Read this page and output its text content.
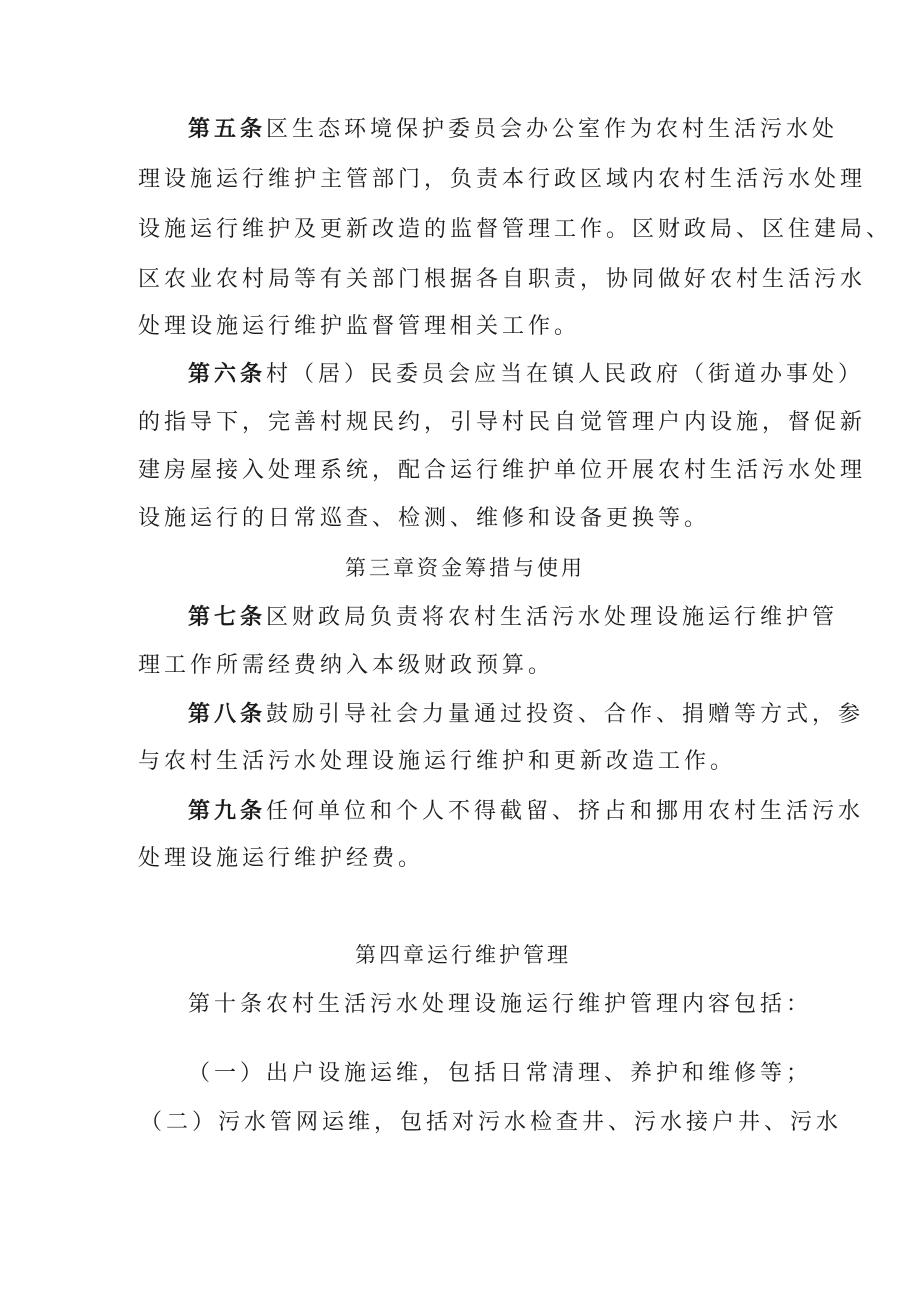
第五条区生态环境保护委员会办公室作为农村生活污水处
理设施运行维护主管部门，负责本行政区域内农村生活污水处理
设施运行维护及更新改造的监督管理工作。区财政局、区住建局、
区农业农村局等有关部门根据各自职责，协同做好农村生活污水
处理设施运行维护监督管理相关工作。
第六条村（居）民委员会应当在镇人民政府（街道办事处）
的指导下，完善村规民约，引导村民自觉管理户内设施，督促新
建房屋接入处理系统，配合运行维护单位开展农村生活污水处理
设施运行的日常巡查、检测、维修和设备更换等。
第三章资金筹措与使用
第七条区财政局负责将农村生活污水处理设施运行维护管
理工作所需经费纳入本级财政预算。
第八条鼓励引导社会力量通过投资、合作、捐赠等方式，参
与农村生活污水处理设施运行维护和更新改造工作。
第九条任何单位和个人不得截留、挤占和挪用农村生活污水
处理设施运行维护经费。
第四章运行维护管理
第十条农村生活污水处理设施运行维护管理内容包括：
（一）出户设施运维，包括日常清理、养护和维修等；
（二）污水管网运维，包括对污水检查井、污水接户井、污水
